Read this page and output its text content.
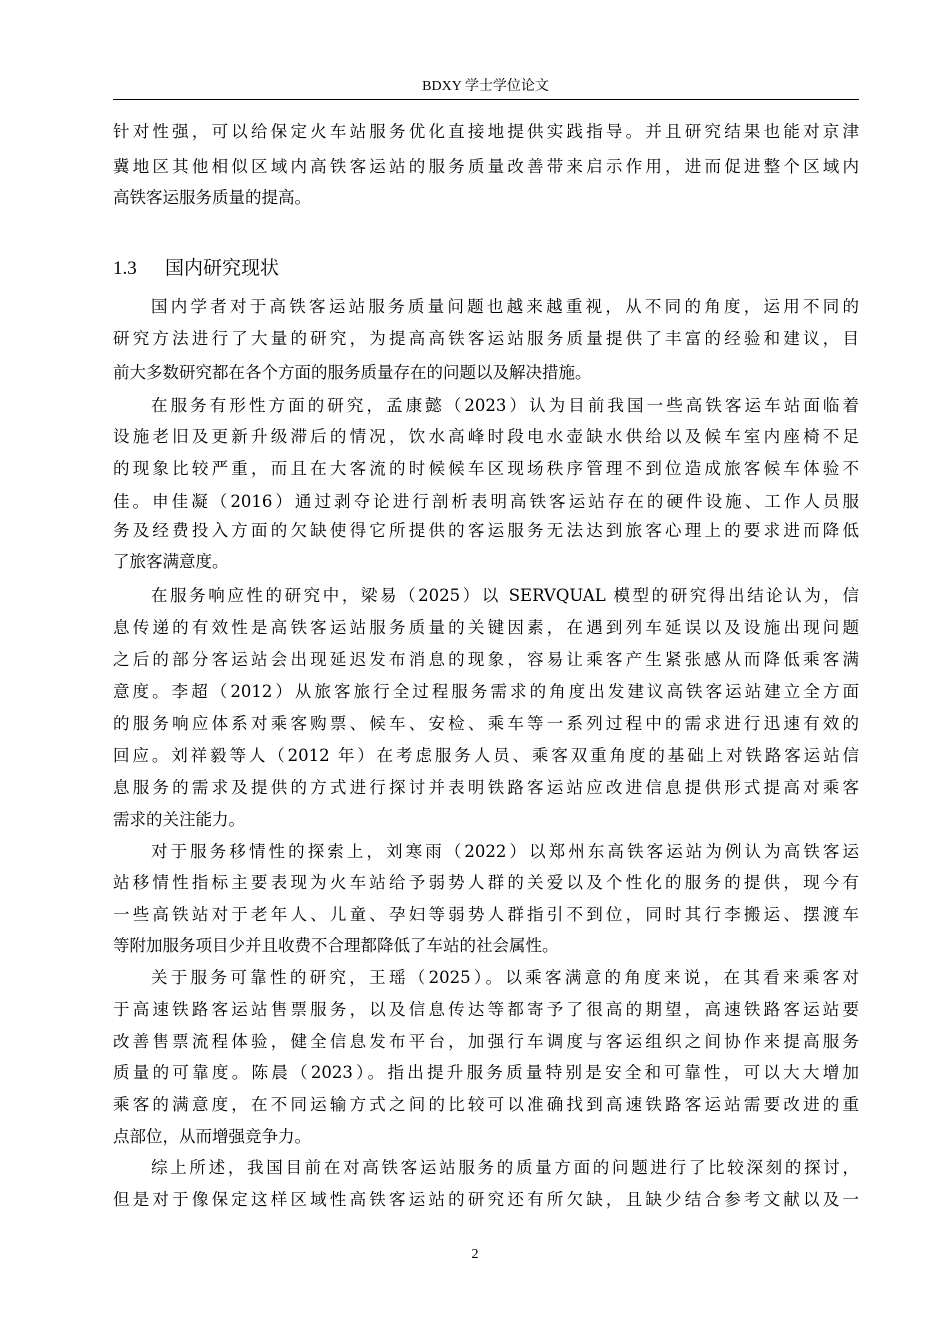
BDXY 学士学位论文
针对性强，可以给保定火车站服务优化直接地提供实践指导。并且研究结果也能对京津
冀地区其他相似区域内高铁客运站的服务质量改善带来启示作用，进而促进整个区域内
高铁客运服务质量的提高。
1.3 国内研究现状
国内学者对于高铁客运站服务质量问题也越来越重视，从不同的角度，运用不同的
研究方法进行了大量的研究，为提高高铁客运站服务质量提供了丰富的经验和建议，目
前大多数研究都在各个方面的服务质量存在的问题以及解决措施。
在服务有形性方面的研究，孟康懿（2023）认为目前我国一些高铁客运车站面临着
设施老旧及更新升级滞后的情况，饮水高峰时段电水壶缺水供给以及候车室内座椅不足
的现象比较严重，而且在大客流的时候候车区现场秩序管理不到位造成旅客候车体验不
佳。申佳凝（2016）通过剥夺论进行剖析表明高铁客运站存在的硬件设施、工作人员服
务及经费投入方面的欠缺使得它所提供的客运服务无法达到旅客心理上的要求进而降低
了旅客满意度。
在服务响应性的研究中，梁易（2025）以 SERVQUAL 模型的研究得出结论认为，信
息传递的有效性是高铁客运站服务质量的关键因素，在遇到列车延误以及设施出现问题
之后的部分客运站会出现延迟发布消息的现象，容易让乘客产生紧张感从而降低乘客满
意度。李超（2012）从旅客旅行全过程服务需求的角度出发建议高铁客运站建立全方面
的服务响应体系对乘客购票、候车、安检、乘车等一系列过程中的需求进行迅速有效的
回应。刘祥毅等人（2012 年）在考虑服务人员、乘客双重角度的基础上对铁路客运站信
息服务的需求及提供的方式进行探讨并表明铁路客运站应改进信息提供形式提高对乘客
需求的关注能力。
对于服务移情性的探索上，刘寒雨（2022）以郑州东高铁客运站为例认为高铁客运
站移情性指标主要表现为火车站给予弱势人群的关爱以及个性化的服务的提供，现今有
一些高铁站对于老年人、儿童、孕妇等弱势人群指引不到位，同时其行李搬运、摆渡车
等附加服务项目少并且收费不合理都降低了车站的社会属性。
关于服务可靠性的研究，王瑶（2025）。以乘客满意的角度来说，在其看来乘客对
于高速铁路客运站售票服务，以及信息传达等都寄予了很高的期望，高速铁路客运站要
改善售票流程体验，健全信息发布平台，加强行车调度与客运组织之间协作来提高服务
质量的可靠度。陈晨（2023）。指出提升服务质量特别是安全和可靠性，可以大大增加
乘客的满意度，在不同运输方式之间的比较可以准确找到高速铁路客运站需要改进的重
点部位，从而增强竞争力。
综上所述，我国目前在对高铁客运站服务的质量方面的问题进行了比较深刻的探讨，
但是对于像保定这样区域性高铁客运站的研究还有所欠缺，且缺少结合参考文献以及一
2
